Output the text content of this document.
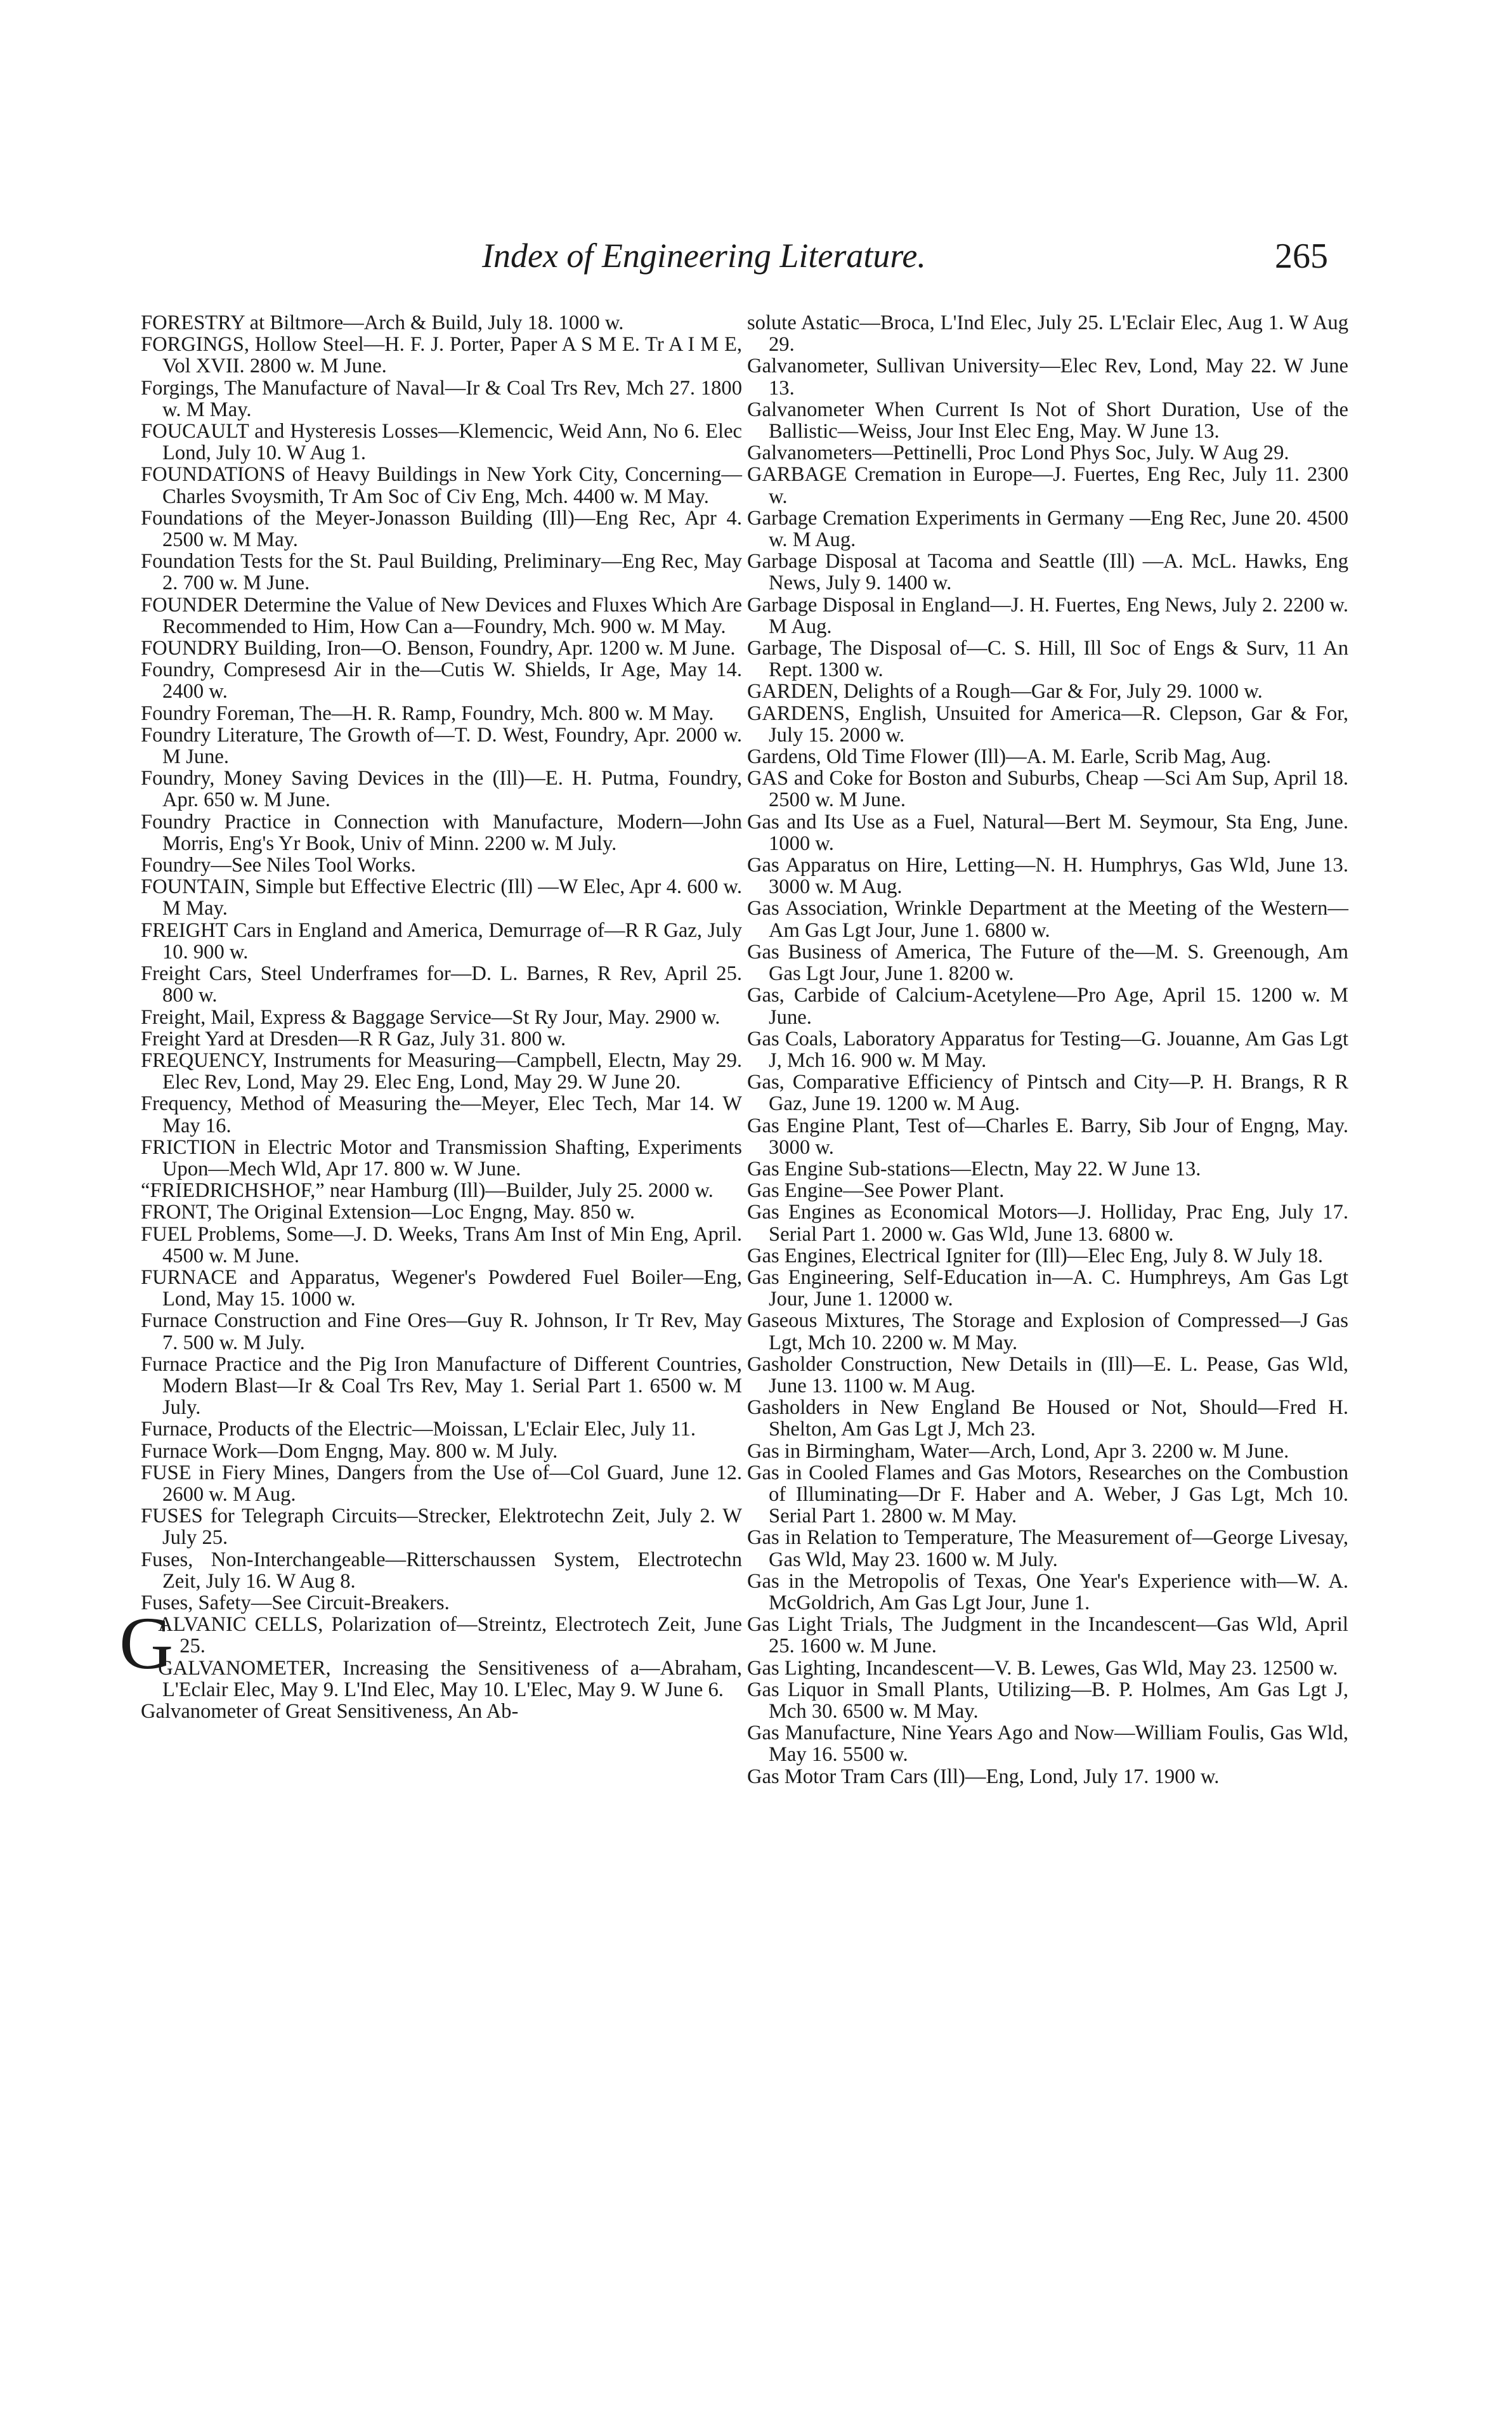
Index of Engineering Literature.	265

FORESTRY at Biltmore—Arch & Build, July 18. 1000 w.

FORGINGS, Hollow Steel—H. F. J. Porter, Paper A S M E. Tr A I M E, Vol XVII. 2800 w. M June.

Forgings, The Manufacture of Naval—Ir & Coal Trs Rev, Mch 27. 1800 w. M May.

FOUCAULT and Hysteresis Losses—Klemencic, Weid Ann, No 6. Elec Lond, July 10. W Aug 1.

FOUNDATIONS of Heavy Buildings in New York City, Concerning—Charles Svoysmith, Tr Am Soc of Civ Eng, Mch. 4400 w. M May.

Foundations of the Meyer-Jonasson Building (Ill)—Eng Rec, Apr 4. 2500 w. M May.

Foundation Tests for the St. Paul Building, Preliminary—Eng Rec, May 2. 700 w. M June.

FOUNDER Determine the Value of New Devices and Fluxes Which Are Recommended to Him, How Can a—Foundry, Mch. 900 w. M May.

FOUNDRY Building, Iron—O. Benson, Foundry, Apr. 1200 w. M June.

Foundry, Compresesd Air in the—Cutis W. Shields, Ir Age, May 14. 2400 w.

Foundry Foreman, The—H. R. Ramp, Foundry, Mch. 800 w. M May.

Foundry Literature, The Growth of—T. D. West, Foundry, Apr. 2000 w. M June.

Foundry, Money Saving Devices in the (Ill)—E. H. Putma, Foundry, Apr. 650 w. M June.

Foundry Practice in Connection with Manufacture, Modern—John Morris, Eng's Yr Book, Univ of Minn. 2200 w. M July.

Foundry—See Niles Tool Works.

FOUNTAIN, Simple but Effective Electric (Ill) —W Elec, Apr 4. 600 w. M May.

FREIGHT Cars in England and America, Demurrage of—R R Gaz, July 10. 900 w.

Freight Cars, Steel Underframes for—D. L. Barnes, R Rev, April 25. 800 w.

Freight, Mail, Express & Baggage Service—St Ry Jour, May. 2900 w.

Freight Yard at Dresden—R R Gaz, July 31. 800 w.

FREQUENCY, Instruments for Measuring—Campbell, Electn, May 29. Elec Rev, Lond, May 29. Elec Eng, Lond, May 29. W June 20.

Frequency, Method of Measuring the—Meyer, Elec Tech, Mar 14. W May 16.

FRICTION in Electric Motor and Transmission Shafting, Experiments Upon—Mech Wld, Apr 17. 800 w. W June.

“FRIEDRICHSHOF,” near Hamburg (Ill)—Builder, July 25. 2000 w.

FRONT, The Original Extension—Loc Engng, May. 850 w.

FUEL Problems, Some—J. D. Weeks, Trans Am Inst of Min Eng, April. 4500 w. M June.

FURNACE and Apparatus, Wegener's Powdered Fuel Boiler—Eng, Lond, May 15. 1000 w.

Furnace Construction and Fine Ores—Guy R. Johnson, Ir Tr Rev, May 7. 500 w. M July.

Furnace Practice and the Pig Iron Manufacture of Different Countries, Modern Blast—Ir & Coal Trs Rev, May 1. Serial Part 1. 6500 w. M July.

Furnace, Products of the Electric—Moissan, L'Eclair Elec, July 11.

Furnace Work—Dom Engng, May. 800 w. M July.

FUSE in Fiery Mines, Dangers from the Use of—Col Guard, June 12. 2600 w. M Aug.

FUSES for Telegraph Circuits—Strecker, Elektrotechn Zeit, July 2. W July 25.

Fuses, Non-Interchangeable—Ritterschaussen System, Electrotechn Zeit, July 16. W Aug 8.

Fuses, Safety—See Circuit-Breakers.

G
ALVANIC CELLS, Polarization of—Streintz, Electrotech Zeit, June 25.

GALVANOMETER, Increasing the Sensitiveness of a—Abraham, L'Eclair Elec, May 9. L'Ind Elec, May 10. L'Elec, May 9. W June 6.

Galvanometer of Great Sensitiveness, An Ab-

solute Astatic—Broca, L'Ind Elec, July 25. L'Eclair Elec, Aug 1. W Aug 29.

Galvanometer, Sullivan University—Elec Rev, Lond, May 22. W June 13.

Galvanometer When Current Is Not of Short Duration, Use of the Ballistic—Weiss, Jour Inst Elec Eng, May. W June 13.

Galvanometers—Pettinelli, Proc Lond Phys Soc, July. W Aug 29.

GARBAGE Cremation in Europe—J. Fuertes, Eng Rec, July 11. 2300 w.

Garbage Cremation Experiments in Germany —Eng Rec, June 20. 4500 w. M Aug.

Garbage Disposal at Tacoma and Seattle (Ill) —A. McL. Hawks, Eng News, July 9. 1400 w.

Garbage Disposal in England—J. H. Fuertes, Eng News, July 2. 2200 w. M Aug.

Garbage, The Disposal of—C. S. Hill, Ill Soc of Engs & Surv, 11 An Rept. 1300 w.

GARDEN, Delights of a Rough—Gar & For, July 29. 1000 w.

GARDENS, English, Unsuited for America—R. Clepson, Gar & For, July 15. 2000 w.

Gardens, Old Time Flower (Ill)—A. M. Earle, Scrib Mag, Aug.

GAS and Coke for Boston and Suburbs, Cheap —Sci Am Sup, April 18. 2500 w. M June.

Gas and Its Use as a Fuel, Natural—Bert M. Seymour, Sta Eng, June. 1000 w.

Gas Apparatus on Hire, Letting—N. H. Humphrys, Gas Wld, June 13. 3000 w. M Aug.

Gas Association, Wrinkle Department at the Meeting of the Western—Am Gas Lgt Jour, June 1. 6800 w.

Gas Business of America, The Future of the—M. S. Greenough, Am Gas Lgt Jour, June 1. 8200 w.

Gas, Carbide of Calcium-Acetylene—Pro Age, April 15. 1200 w. M June.

Gas Coals, Laboratory Apparatus for Testing—G. Jouanne, Am Gas Lgt J, Mch 16. 900 w. M May.

Gas, Comparative Efficiency of Pintsch and City—P. H. Brangs, R R Gaz, June 19. 1200 w. M Aug.

Gas Engine Plant, Test of—Charles E. Barry, Sib Jour of Engng, May. 3000 w.

Gas Engine Sub-stations—Electn, May 22. W June 13.

Gas Engine—See Power Plant.

Gas Engines as Economical Motors—J. Holliday, Prac Eng, July 17. Serial Part 1. 2000 w. Gas Wld, June 13. 6800 w.

Gas Engines, Electrical Igniter for (Ill)—Elec Eng, July 8. W July 18.

Gas Engineering, Self-Education in—A. C. Humphreys, Am Gas Lgt Jour, June 1. 12000 w.

Gaseous Mixtures, The Storage and Explosion of Compressed—J Gas Lgt, Mch 10. 2200 w. M May.

Gasholder Construction, New Details in (Ill)—E. L. Pease, Gas Wld, June 13. 1100 w. M Aug.

Gasholders in New England Be Housed or Not, Should—Fred H. Shelton, Am Gas Lgt J, Mch 23.

Gas in Birmingham, Water—Arch, Lond, Apr 3. 2200 w. M June.

Gas in Cooled Flames and Gas Motors, Researches on the Combustion of Illuminating—Dr F. Haber and A. Weber, J Gas Lgt, Mch 10. Serial Part 1. 2800 w. M May.

Gas in Relation to Temperature, The Measurement of—George Livesay, Gas Wld, May 23. 1600 w. M July.

Gas in the Metropolis of Texas, One Year's Experience with—W. A. McGoldrich, Am Gas Lgt Jour, June 1.

Gas Light Trials, The Judgment in the Incandescent—Gas Wld, April 25. 1600 w. M June.

Gas Lighting, Incandescent—V. B. Lewes, Gas Wld, May 23. 12500 w.

Gas Liquor in Small Plants, Utilizing—B. P. Holmes, Am Gas Lgt J, Mch 30. 6500 w. M May.

Gas Manufacture, Nine Years Ago and Now—William Foulis, Gas Wld, May 16. 5500 w.

Gas Motor Tram Cars (Ill)—Eng, Lond, July 17. 1900 w.
